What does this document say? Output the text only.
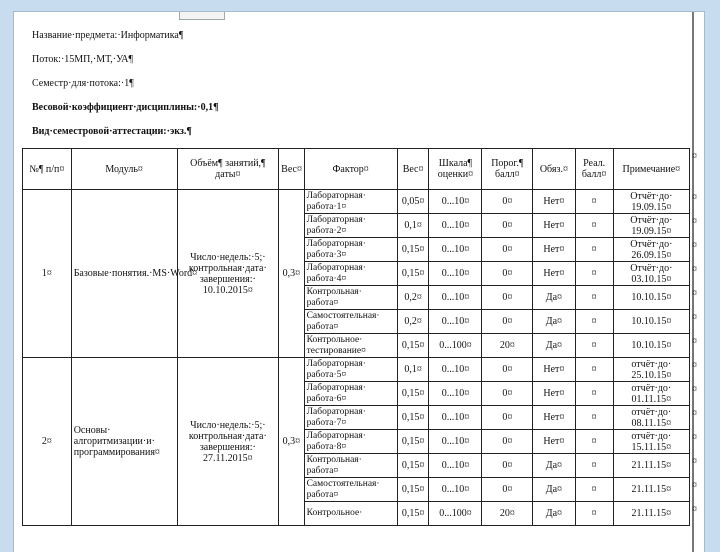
Название·предмета:·Информатика¶
Поток:·15МП,·МТ,·УА¶
Семестр·для·потока:·1¶
Весовой·коэффициент·дисциплины:·0,1¶
Вид·семестровой·аттестации:·экз.¶
№¶ п/п¤	Модуль¤	Объём¶ занятий,¶ даты¤	Вес¤	Фактор¤	Вес¤	Шкала¶ оценки¤	Порог.¶ балл¤	Обяз.¤	Реал. балл¤	Примечание¤
1¤	Базовые·понятия.·MS·Word¤	Число·недель:·5;· контрольная·дата· завершения:· 10.10.2015¤	0,3¤	Лабораторная· работа·1¤	0,05¤	0...10¤	0¤	Нет¤	¤	Отчёт·до· 19.09.15¤
				Лабораторная· работа·2¤	0,1¤	0...10¤	0¤	Нет¤	¤	Отчёт·до· 19.09.15¤
				Лабораторная· работа·3¤	0,15¤	0...10¤	0¤	Нет¤	¤	Отчёт·до· 26.09.15¤
				Лабораторная· работа·4¤	0,15¤	0...10¤	0¤	Нет¤	¤	Отчёт·до· 03.10.15¤
				Контрольная· работа¤	0,2¤	0...10¤	0¤	Да¤	¤	10.10.15¤
				Самостоятельная· работа¤	0,2¤	0...10¤	0¤	Да¤	¤	10.10.15¤
				Контрольное· тестирование¤	0,15¤	0...100¤	20¤	Да¤	¤	10.10.15¤
2¤	Основы· алгоритмизации·и· программирования¤	Число·недель:·5;· контрольная·дата· завершения:· 27.11.2015¤	0,3¤	Лабораторная· работа·5¤	0,1¤	0...10¤	0¤	Нет¤	¤	отчёт·до· 25.10.15¤
				Лабораторная· работа·6¤	0,15¤	0...10¤	0¤	Нет¤	¤	отчёт·до· 01.11.15¤
				Лабораторная· работа·7¤	0,15¤	0...10¤	0¤	Нет¤	¤	отчёт·до· 08.11.15¤
				Лабораторная· работа·8¤	0,15¤	0...10¤	0¤	Нет¤	¤	отчёт·до· 15.11.15¤
				Контрольная· работа¤	0,15¤	0...10¤	0¤	Да¤	¤	21.11.15¤
				Самостоятельная· работа¤	0,15¤	0...10¤	0¤	Да¤	¤	21.11.15¤
				Контрольное·	0,15¤	0...100¤	20¤	Да¤	¤	21.11.15¤
¤
¤
¤
¤
¤
¤
¤
¤
¤
¤
¤
¤
¤
¤
¤
